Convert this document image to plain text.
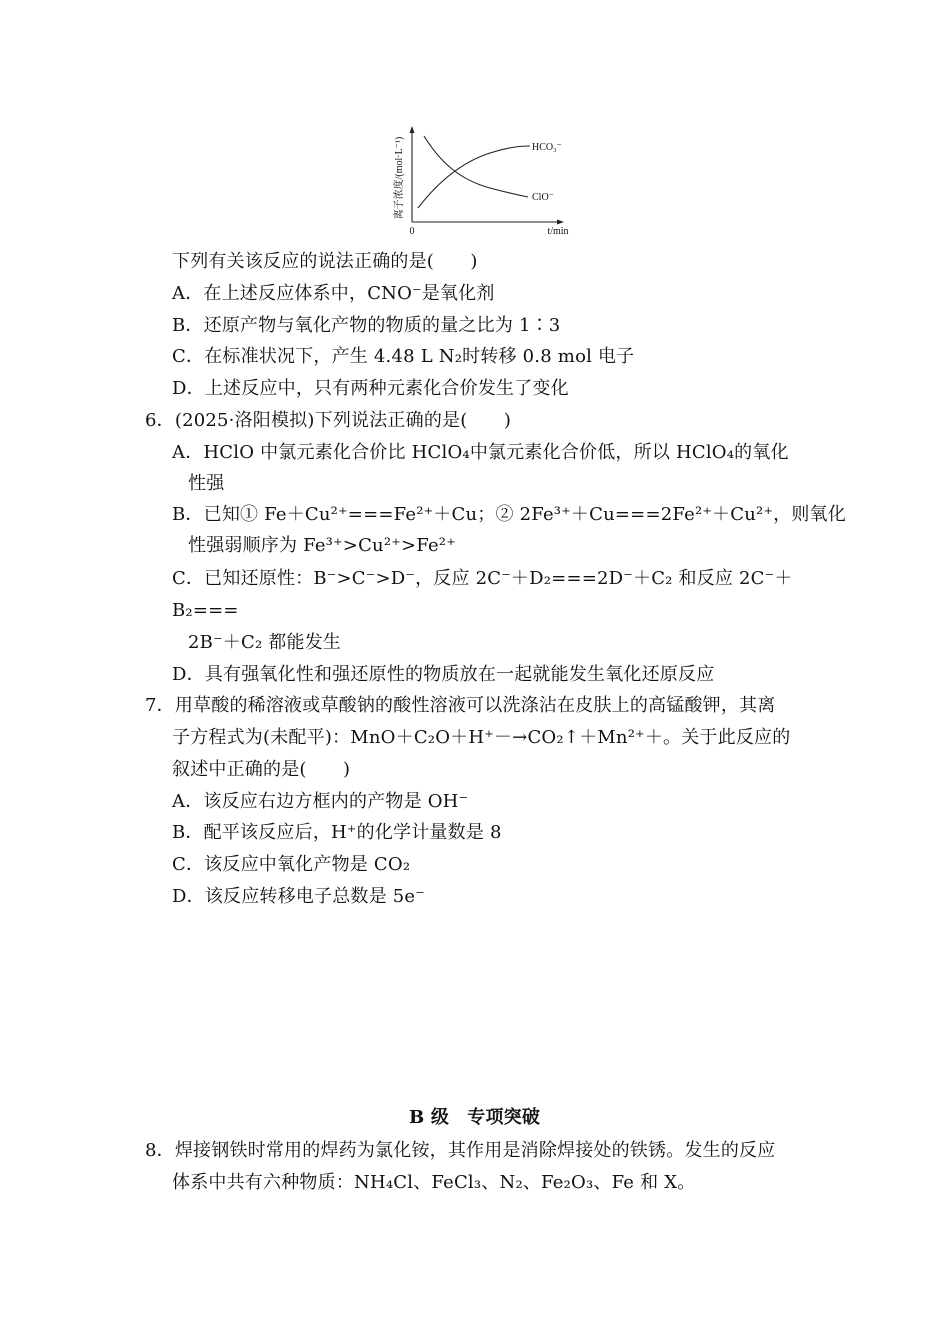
离子浓度/(mol·L⁻¹)
0	t/min
HCO₃⁻
ClO⁻
下列有关该反应的说法正确的是(　　)
A．在上述反应体系中，CNO⁻是氧化剂
B．还原产物与氧化产物的物质的量之比为 1∶3
C．在标准状况下，产生 4.48 L N₂时转移 0.8 mol 电子
D．上述反应中，只有两种元素化合价发生了变化
6．(2025·洛阳模拟)下列说法正确的是(　　)
A．HClO 中氯元素化合价比 HClO₄中氯元素化合价低，所以 HClO₄的氧化
性强
B．已知① Fe＋Cu²⁺===Fe²⁺＋Cu；② 2Fe³⁺＋Cu===2Fe²⁺＋Cu²⁺，则氧化
性强弱顺序为 Fe³⁺>Cu²⁺>Fe²⁺
C．已知还原性：B⁻>C⁻>D⁻，反应 2C⁻＋D₂===2D⁻＋C₂ 和反应 2C⁻＋
B₂===
2B⁻＋C₂ 都能发生
D．具有强氧化性和强还原性的物质放在一起就能发生氧化还原反应
7．用草酸的稀溶液或草酸钠的酸性溶液可以洗涤沾在皮肤上的高锰酸钾，其离
子方程式为(未配平)：MnO＋C₂O＋H⁺－→CO₂↑＋Mn²⁺＋。关于此反应的
叙述中正确的是(　　)
A．该反应右边方框内的产物是 OH⁻
B．配平该反应后，H⁺的化学计量数是 8
C．该反应中氧化产物是 CO₂
D．该反应转移电子总数是 5e⁻
B 级　专项突破
8．焊接钢铁时常用的焊药为氯化铵，其作用是消除焊接处的铁锈。发生的反应
体系中共有六种物质：NH₄Cl、FeCl₃、N₂、Fe₂O₃、Fe 和 X。
